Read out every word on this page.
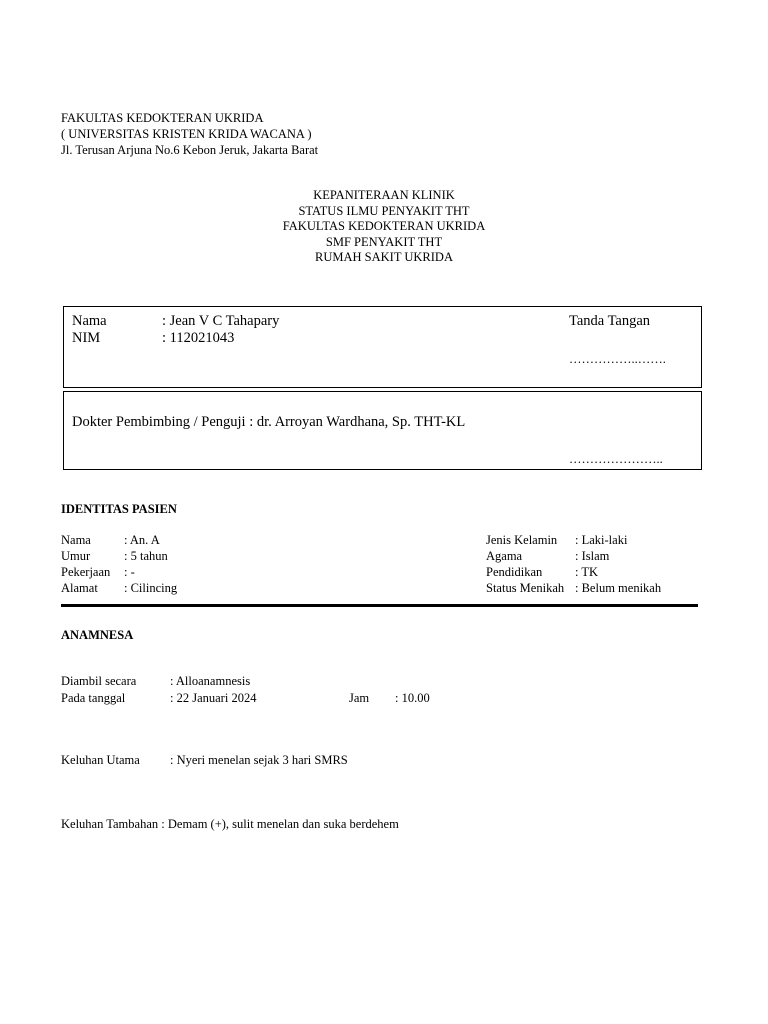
FAKULTAS KEDOKTERAN UKRIDA
( UNIVERSITAS KRISTEN KRIDA WACANA )
Jl. Terusan Arjuna No.6 Kebon Jeruk, Jakarta Barat
KEPANITERAAN KLINIK
STATUS ILMU PENYAKIT THT
FAKULTAS KEDOKTERAN UKRIDA
SMF PENYAKIT THT
RUMAH SAKIT UKRIDA
Nama	: Jean V C Tahapary
NIM	: 112021043
Tanda Tangan
……………..…….
Dokter Pembimbing / Penguji : dr. Arroyan Wardhana, Sp. THT-KL
…………………..
IDENTITAS PASIEN
Nama	: An. A
Umur	: 5 tahun
Pekerjaan : -
Alamat : Cilincing
Jenis Kelamin : Laki-laki
Agama	: Islam
Pendidikan	: TK
Status Menikah : Belum menikah
ANAMNESA
Diambil secara	: Alloanamnesis
Pada tanggal	: 22 Januari 2024	Jam : 10.00
Keluhan Utama : Nyeri menelan sejak 3 hari SMRS
Keluhan Tambahan : Demam (+), sulit menelan dan suka berdehem
